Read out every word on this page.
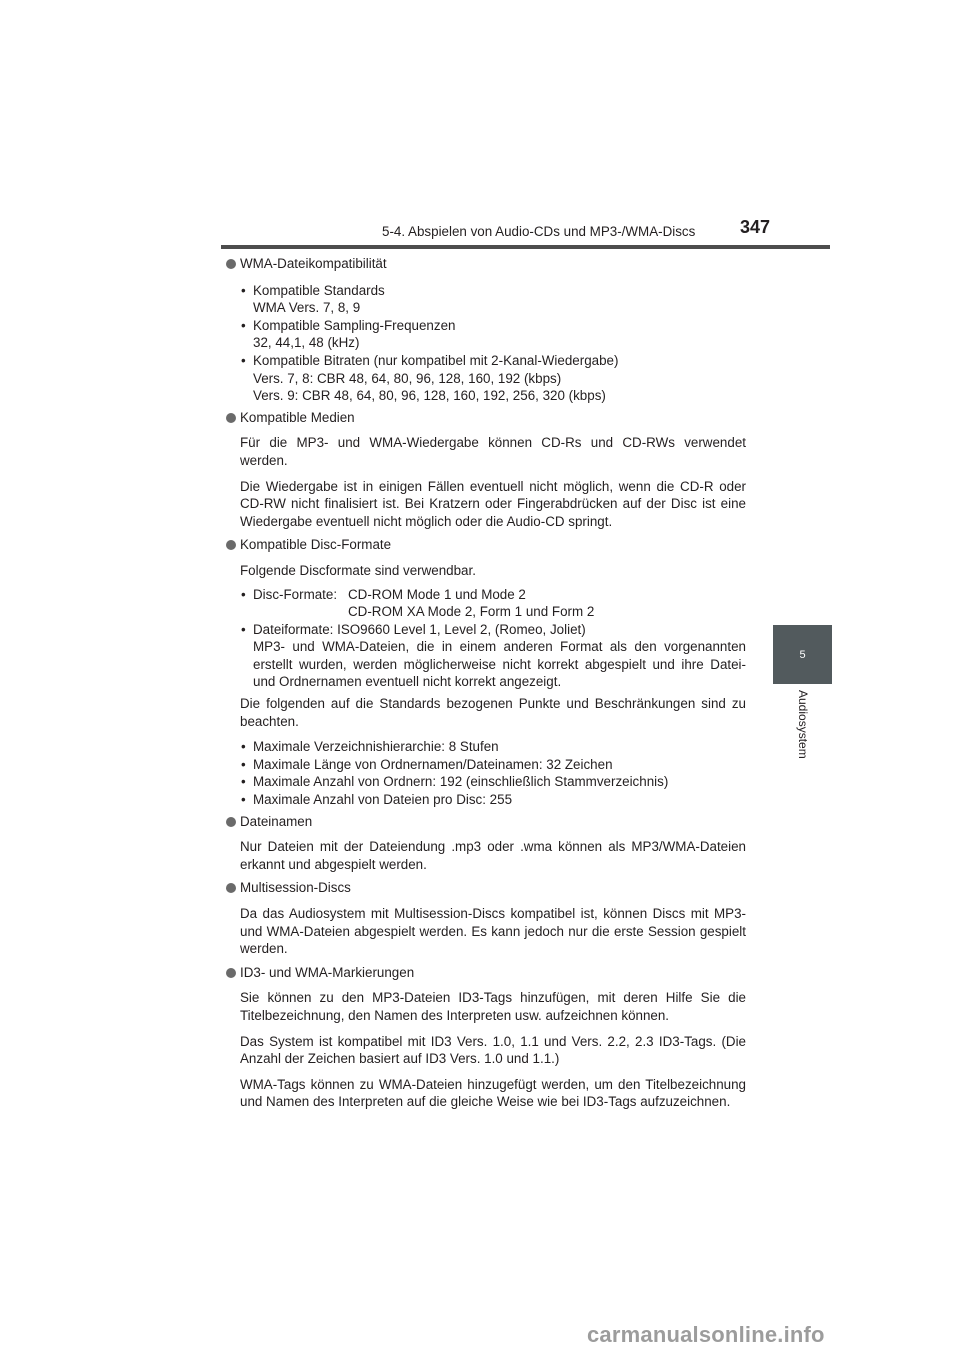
5-4. Abspielen von Audio-CDs und MP3-/WMA-Discs 347
5
Audiosystem
WMA-Dateikompatibilität
• Kompatible Standards
WMA Vers. 7, 8, 9
• Kompatible Sampling-Frequenzen
32, 44,1, 48 (kHz)
• Kompatible Bitraten (nur kompatibel mit 2-Kanal-Wiedergabe)
Vers. 7, 8: CBR 48, 64, 80, 96, 128, 160, 192 (kbps)
Vers. 9: CBR 48, 64, 80, 96, 128, 160, 192, 256, 320 (kbps)
Kompatible Medien

Für die MP3- und WMA-Wiedergabe können CD-Rs und CD-RWs verwendet werden.

Die Wiedergabe ist in einigen Fällen eventuell nicht möglich, wenn die CD-R oder CD-RW nicht finalisiert ist. Bei Kratzern oder Fingerabdrücken auf der Disc ist eine Wiedergabe eventuell nicht möglich oder die Audio-CD springt.

Kompatible Disc-Formate

Folgende Discformate sind verwendbar.

• Disc-Formate: CD-ROM Mode 1 und Mode 2
CD-ROM XA Mode 2, Form 1 und Form 2
• Dateiformate: ISO9660 Level 1, Level 2, (Romeo, Joliet)
MP3- und WMA-Dateien, die in einem anderen Format als den vorgenannten erstellt wurden, werden möglicherweise nicht korrekt abgespielt und ihre Datei- und Ordnernamen eventuell nicht korrekt angezeigt.

Die folgenden auf die Standards bezogenen Punkte und Beschränkungen sind zu beachten.

• Maximale Verzeichnishierarchie: 8 Stufen
• Maximale Länge von Ordnernamen/Dateinamen: 32 Zeichen
• Maximale Anzahl von Ordnern: 192 (einschließlich Stammverzeichnis)
• Maximale Anzahl von Dateien pro Disc: 255
Dateinamen

Nur Dateien mit der Dateiendung .mp3 oder .wma können als MP3/WMA-Dateien erkannt und abgespielt werden.

Multisession-Discs

Da das Audiosystem mit Multisession-Discs kompatibel ist, können Discs mit MP3- und WMA-Dateien abgespielt werden. Es kann jedoch nur die erste Session gespielt werden.

ID3- und WMA-Markierungen

Sie können zu den MP3-Dateien ID3-Tags hinzufügen, mit deren Hilfe Sie die Titelbezeichnung, den Namen des Interpreten usw. aufzeichnen können.

Das System ist kompatibel mit ID3 Vers. 1.0, 1.1 und Vers. 2.2, 2.3 ID3-Tags. (Die Anzahl der Zeichen basiert auf ID3 Vers. 1.0 und 1.1.)

WMA-Tags können zu WMA-Dateien hinzugefügt werden, um den Titelbezeichnung und Namen des Interpreten auf die gleiche Weise wie bei ID3-Tags aufzuzeichnen.

carmanualsonline.info
